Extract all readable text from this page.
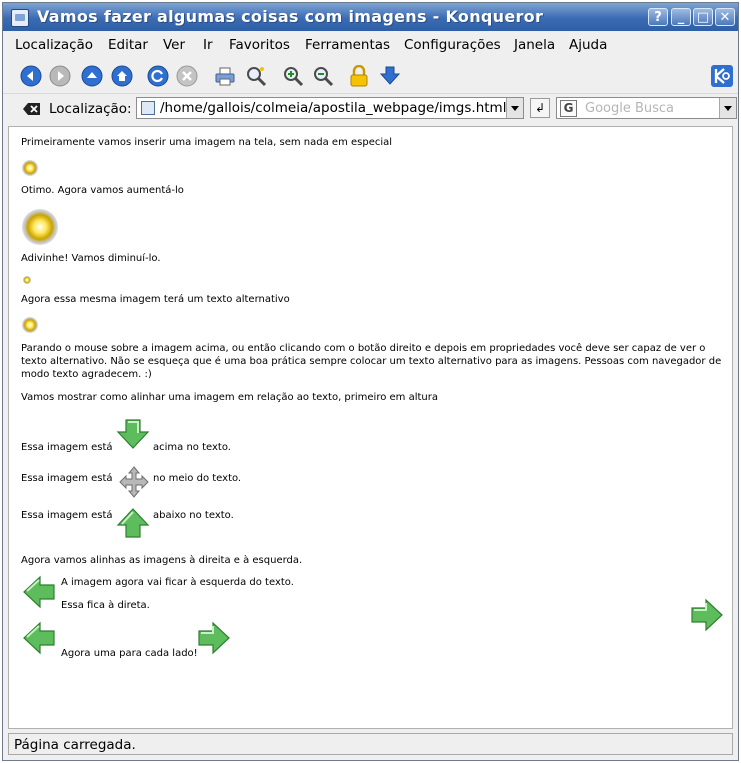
Vamos fazer algumas coisas com imagens - Konqueror	?	_ □ ✕
Localização Editar Ver Ir Favoritos Ferramentas Configurações Janela Ajuda
Localização: /home/gallois/colmeia/apostila_webpage/imgs.html	↲	G Google Busca
Primeiramente vamos inserir uma imagem na tela, sem nada em especial
Otimo. Agora vamos aumentá-lo
Adivinhe! Vamos diminuí-lo.
Agora essa mesma imagem terá um texto alternativo
Parando o mouse sobre a imagem acima, ou então clicando com o botão direito e depois em propriedades você deve ser capaz de ver o texto alternativo. Não se esqueça que é uma boa prática sempre colocar um texto alternativo para as imagens. Pessoas com navegador de modo texto agradecem. :)
Vamos mostrar como alinhar uma imagem em relação ao texto, primeiro em altura
Essa imagem está	acima no texto.
Essa imagem está	no meio do texto.
Essa imagem está	abaixo no texto.
Agora vamos alinhas as imagens à direita e à esquerda.
A imagem agora vai ficar à esquerda do texto.
Essa fica à direta.
Agora uma para cada lado!
Página carregada.
